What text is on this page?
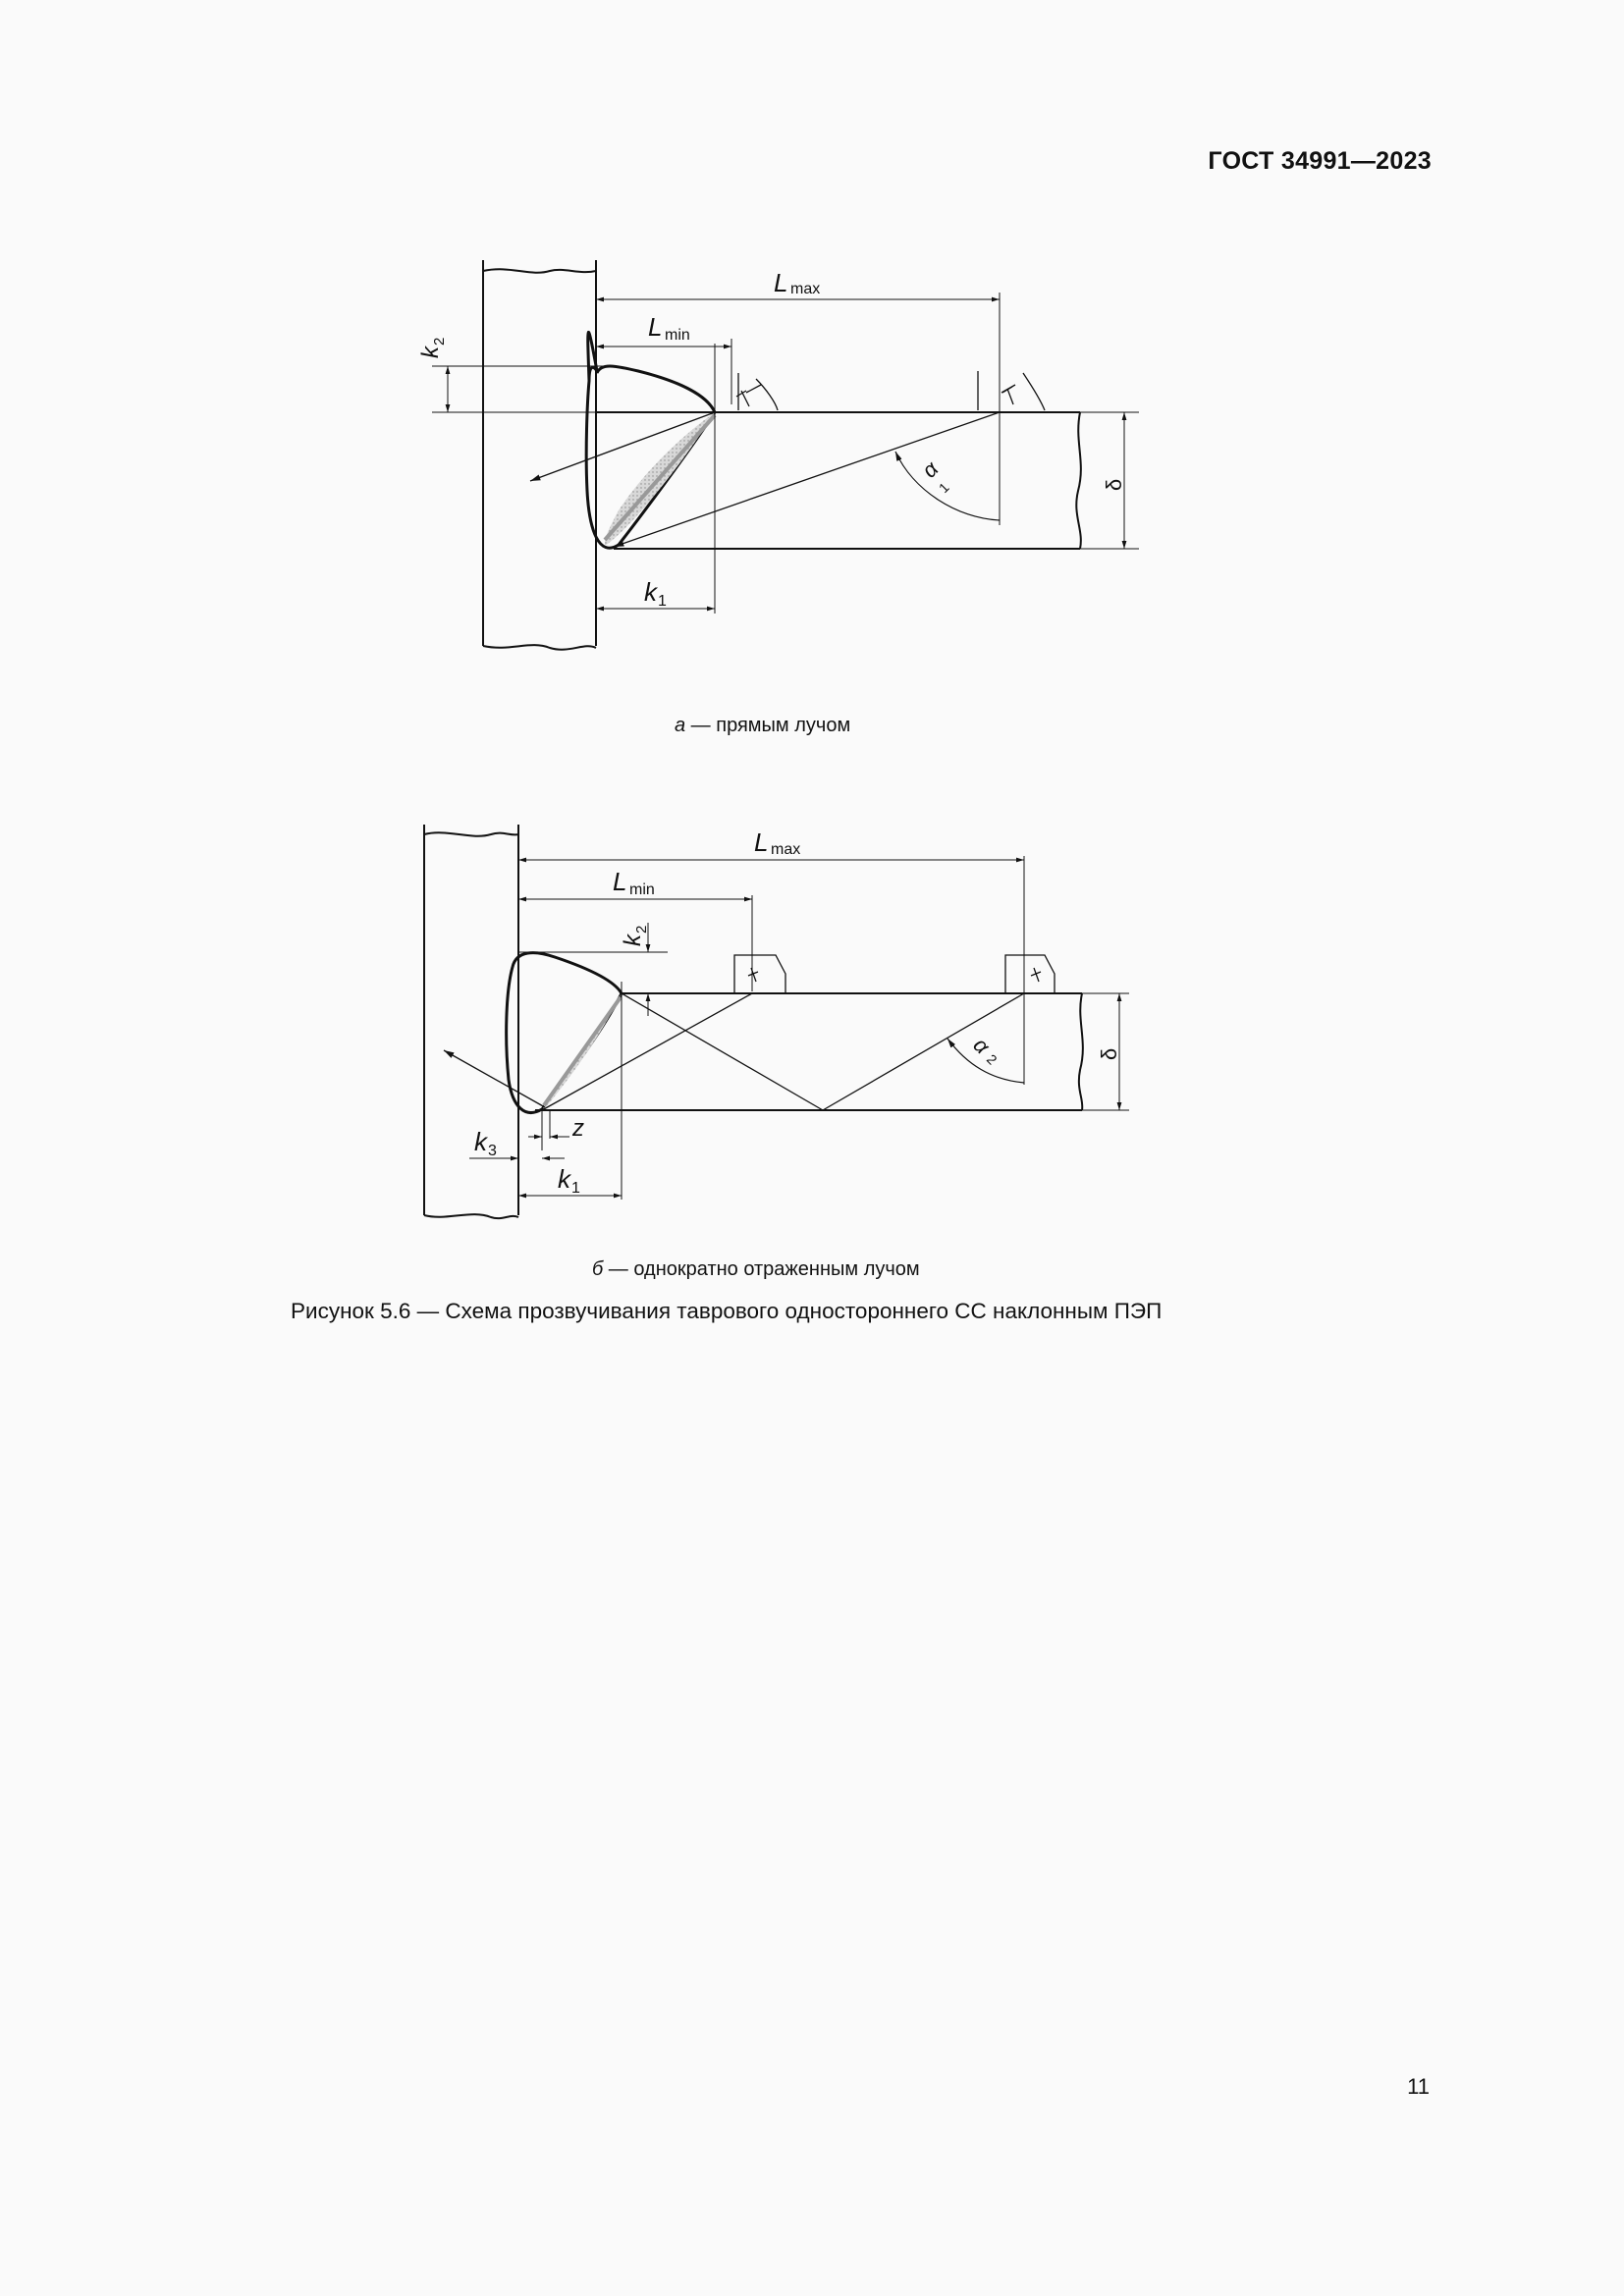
ГОСТ 34991—2023
L max
L min
k
2
k 1
α
1	δ
а — прямым лучом
L max
L min
k
2
z
k 3
k 1
α
2	δ
б — однократно отраженным лучом
Рисунок 5.6 — Схема прозвучивания таврового одностороннего СС наклонным ПЭП
11
